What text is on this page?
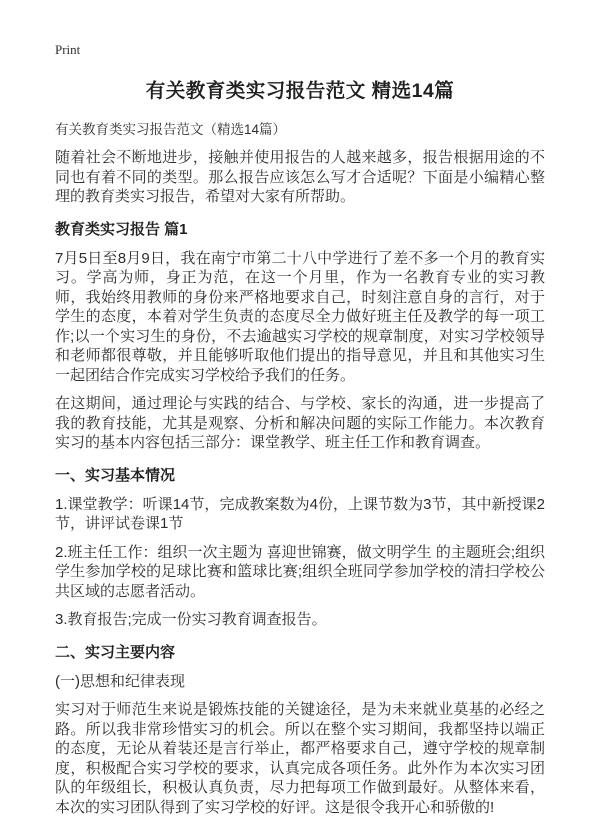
Print
有关教育类实习报告范文 精选14篇

有关教育类实习报告范文（精选14篇）

随着社会不断地进步，接触并使用报告的人越来越多，报告根据用途的不同也有着不同的类型。那么报告应该怎么写才合适呢？下面是小编精心整理的教育类实习报告，希望对大家有所帮助。

教育类实习报告 篇1

7月5日至8月9日，我在南宁市第二十八中学进行了差不多一个月的教育实习。学高为师，身正为范，在这一个月里，作为一名教育专业的实习教师，我始终用教师的身份来严格地要求自己，时刻注意自身的言行，对于学生的态度，本着对学生负责的态度尽全力做好班主任及教学的每一项工作;以一个实习生的身份，不去逾越实习学校的规章制度，对实习学校领导和老师都很尊敬，并且能够听取他们提出的指导意见，并且和其他实习生一起团结合作完成实习学校给予我们的任务。

在这期间，通过理论与实践的结合、与学校、家长的沟通，进一步提高了我的教育技能，尤其是观察、分析和解决问题的实际工作能力。本次教育实习的基本内容包括三部分：课堂教学、班主任工作和教育调查。

一、实习基本情况

1.课堂教学：听课14节，完成教案数为4份，上课节数为3节，其中新授课2节，讲评试卷课1节

2.班主任工作：组织一次主题为 喜迎世锦赛，做文明学生 的主题班会;组织学生参加学校的足球比赛和篮球比赛;组织全班同学参加学校的清扫学校公共区域的志愿者活动。

3.教育报告;完成一份实习教育调查报告。

二、实习主要内容

(一)思想和纪律表现

实习对于师范生来说是锻炼技能的关键途径，是为未来就业莫基的必经之路。所以我非常珍惜实习的机会。所以在整个实习期间，我都坚持以端正的态度，无论从着装还是言行举止，都严格要求自己，遵守学校的规章制度，积极配合实习学校的要求，认真完成各项任务。此外作为本次实习团队的年级组长，积极认真负责，尽力把每项工作做到最好。从整体来看，本次的实习团队得到了实习学校的好评。这是很令我开心和骄傲的!
